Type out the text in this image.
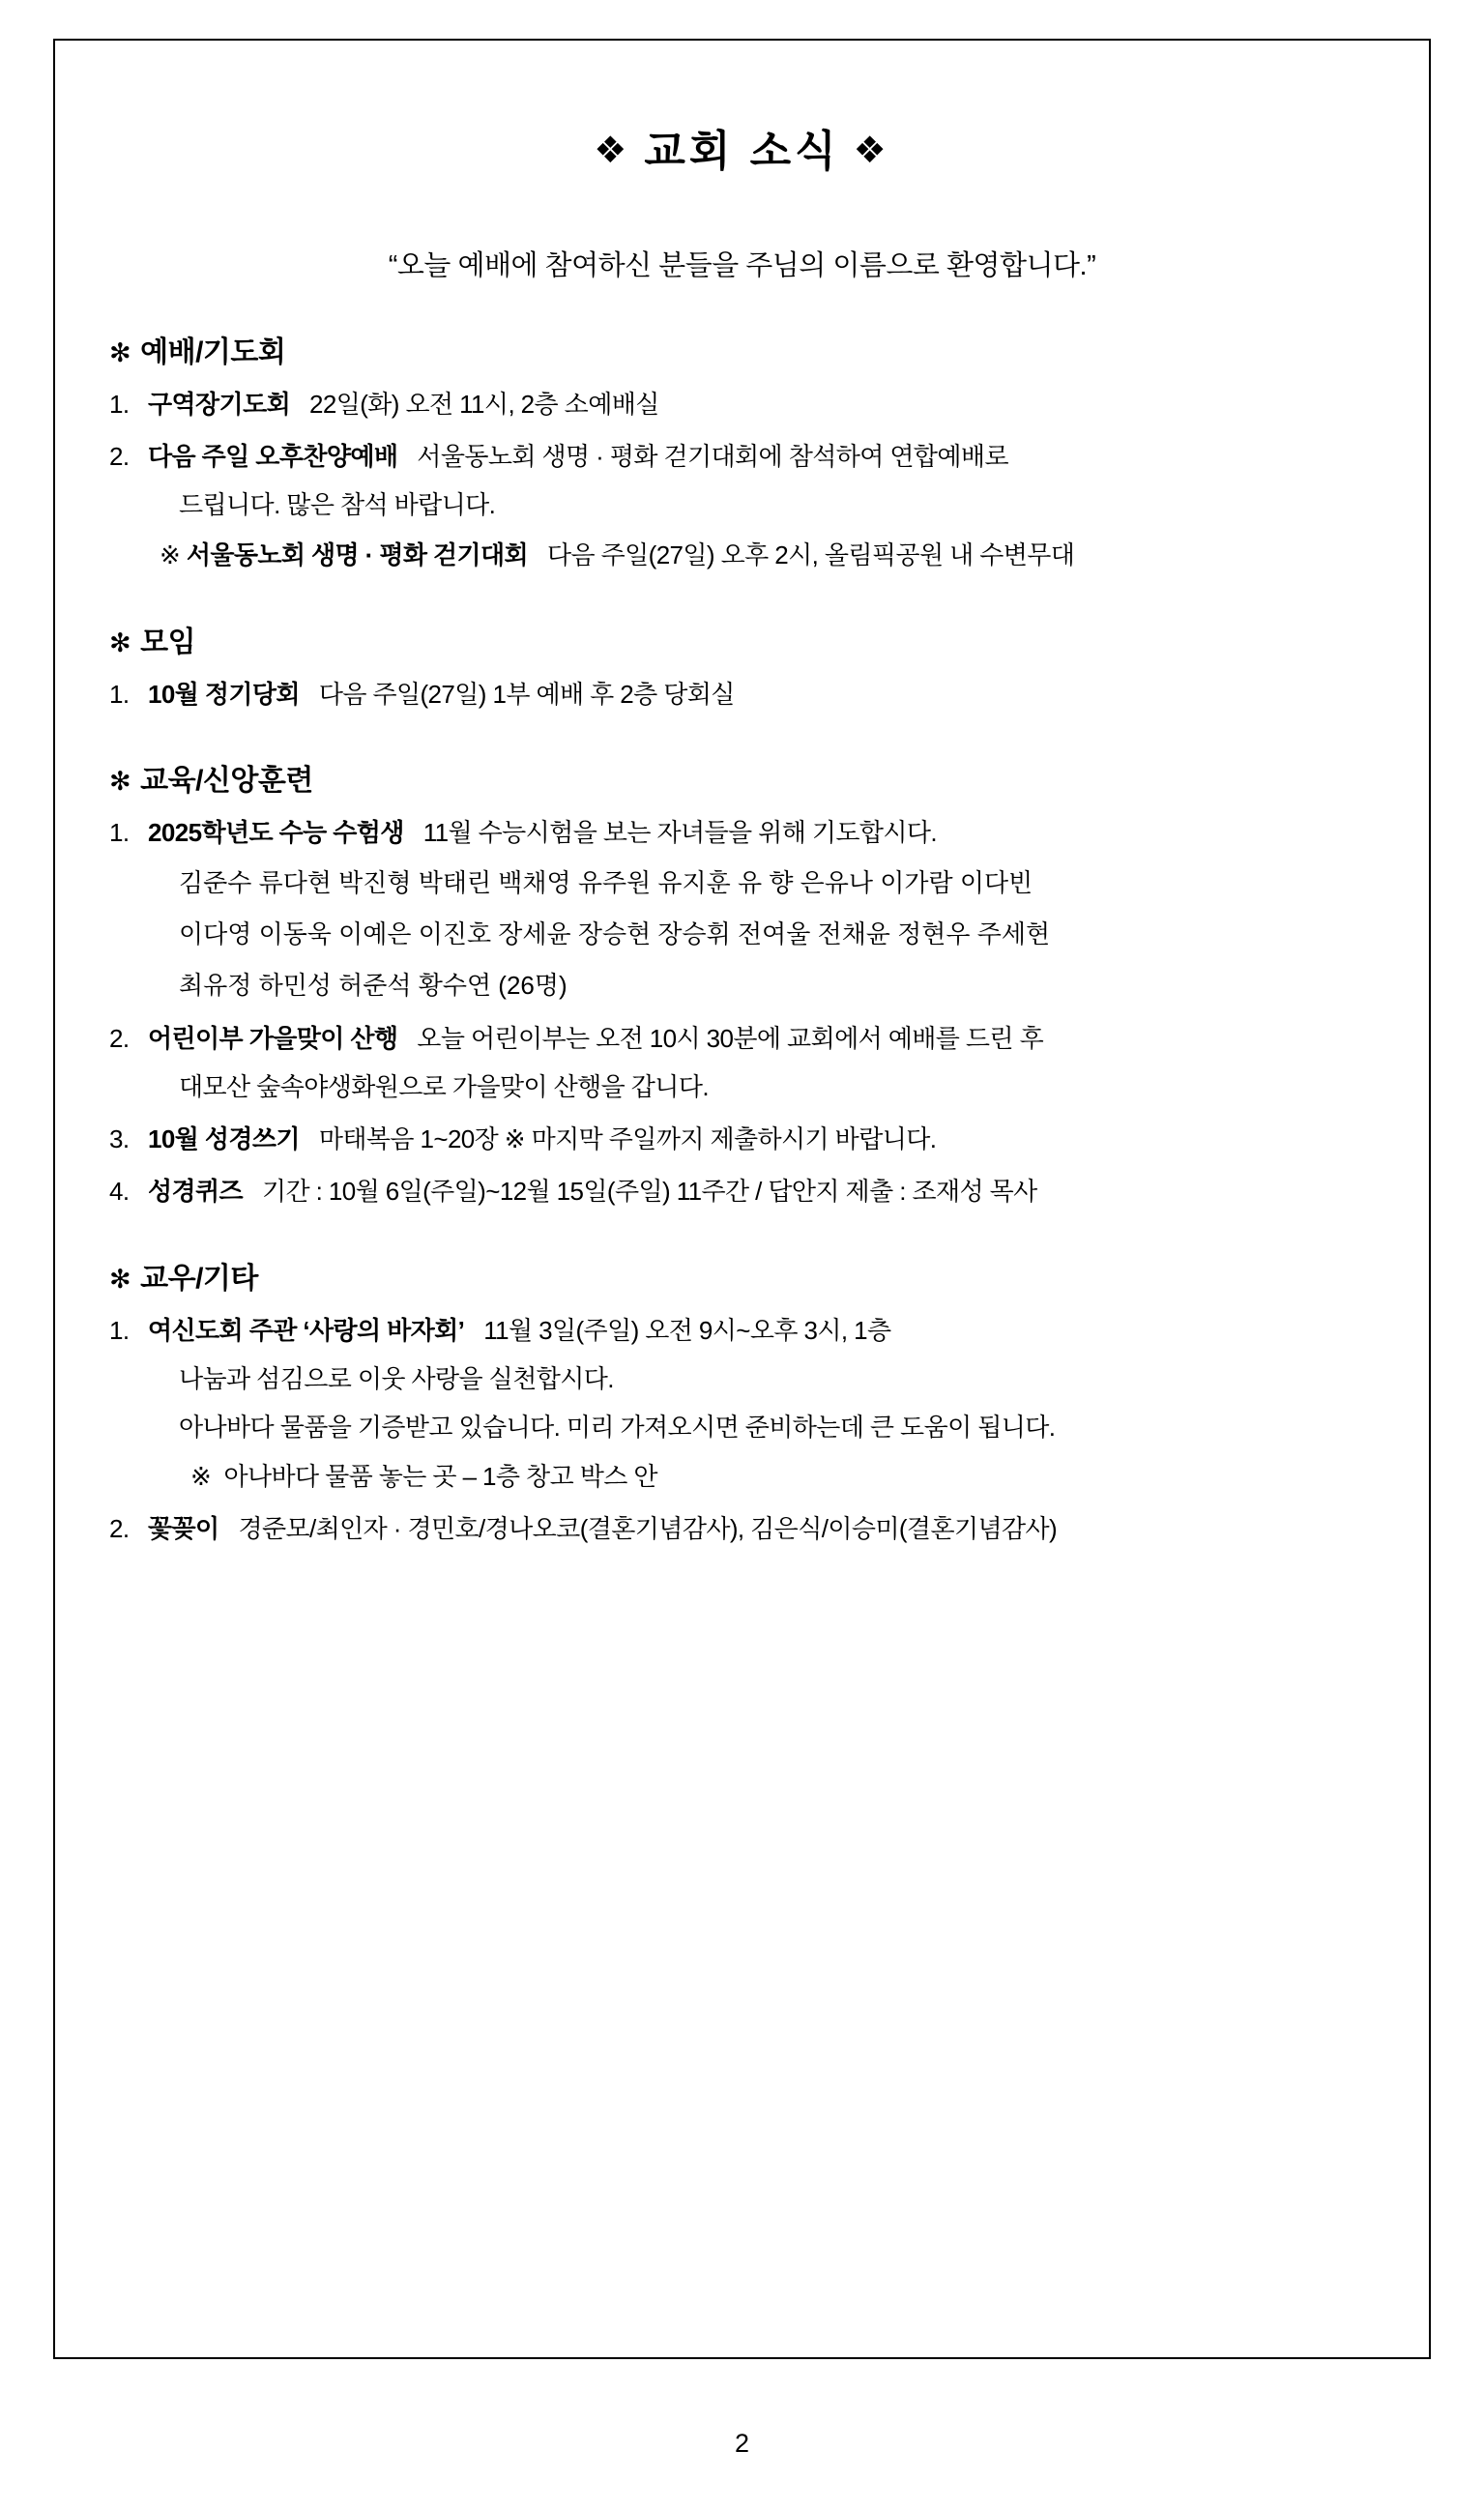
❖ 교회 소식 ❖
“오늘 예배에 참여하신 분들을 주님의 이름으로 환영합니다.”
✻ 예배/기도회
1. 구역장기도회 22일(화) 오전 11시, 2층 소예배실
2. 다음 주일 오후찬양예배 서울동노회 생명 · 평화 걷기대회에 참석하여 연합예배로
드립니다. 많은 참석 바랍니다.
※ 서울동노회 생명 · 평화 걷기대회 다음 주일(27일) 오후 2시, 올림픽공원 내 수변무대
✻ 모임
1. 10월 정기당회 다음 주일(27일) 1부 예배 후 2층 당회실
✻ 교육/신앙훈련
1. 2025학년도 수능 수험생 11월 수능시험을 보는 자녀들을 위해 기도합시다.
김준수 류다현 박진형 박태린 백채영 유주원 유지훈 유 향 은유나 이가람 이다빈
이다영 이동욱 이예은 이진호 장세윤 장승현 장승휘 전여울 전채윤 정현우 주세현
최유정 하민성 허준석 황수연 (26명)
2. 어린이부 가을맞이 산행 오늘 어린이부는 오전 10시 30분에 교회에서 예배를 드린 후
대모산 숲속야생화원으로 가을맞이 산행을 갑니다.
3. 10월 성경쓰기 마태복음 1~20장 ※ 마지막 주일까지 제출하시기 바랍니다.
4. 성경퀴즈 기간 : 10월 6일(주일)~12월 15일(주일) 11주간 / 답안지 제출 : 조재성 목사
✻ 교우/기타
1. 여신도회 주관 ‘사랑의 바자회’ 11월 3일(주일) 오전 9시~오후 3시, 1층
나눔과 섬김으로 이웃 사랑을 실천합시다.
아나바다 물품을 기증받고 있습니다. 미리 가져오시면 준비하는데 큰 도움이 됩니다.
※ 아나바다 물품 놓는 곳 – 1층 창고 박스 안
2. 꽃꽂이 경준모/최인자 · 경민호/경나오코(결혼기념감사), 김은식/이승미(결혼기념감사)
2
